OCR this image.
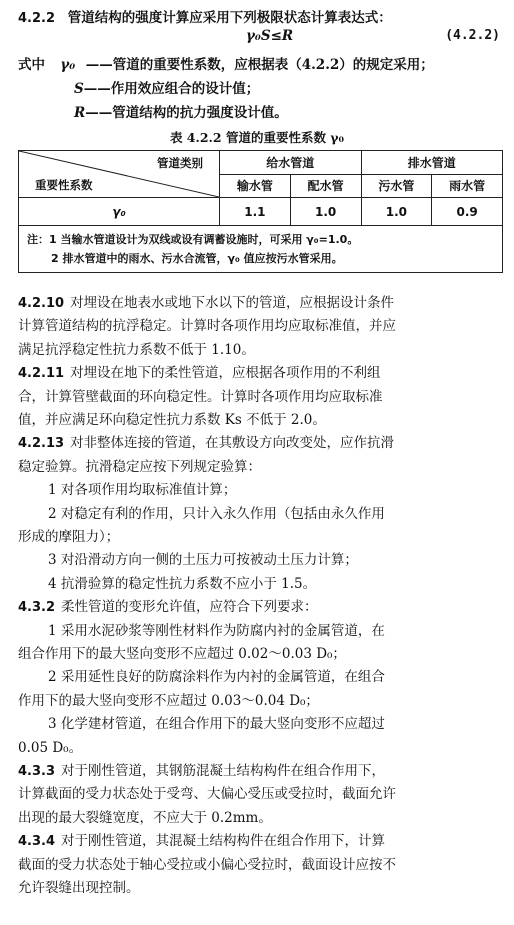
4.2.2 管道结构的强度计算应采用下列极限状态计算表达式：
γ₀S≤R	(4.2.2)
式中 γ₀ ——管道的重要性系数，应根据表（4.2.2）的规定采用；
S——作用效应组合的设计值；
R——管道结构的抗力强度设计值。
表 4.2.2 管道的重要性系数 γ₀
管道类别
重要性系数	给水管道		排水管道	
	输水管	配水管	污水管	雨水管
γ₀	1.1	1.0	1.0	0.9

注：1 当输水管道设计为双线或设有调蓄设施时，可采用 γ₀=1.0。
2 排水管道中的雨水、污水合流管，γ₀ 值应按污水管采用。				
4.2.10 对埋设在地表水或地下水以下的管道，应根据设计条件
计算管道结构的抗浮稳定。计算时各项作用均应取标准值，并应
满足抗浮稳定性抗力系数不低于 1.10。
4.2.11 对埋设在地下的柔性管道，应根据各项作用的不利组
合，计算管壁截面的环向稳定性。计算时各项作用均应取标准
值，并应满足环向稳定性抗力系数 Ks 不低于 2.0。
4.2.13 对非整体连接的管道，在其敷设方向改变处，应作抗滑
稳定验算。抗滑稳定应按下列规定验算：
1 对各项作用均取标准值计算；
2 对稳定有利的作用，只计入永久作用（包括由永久作用
形成的摩阻力）；
3 对沿滑动方向一侧的土压力可按被动土压力计算；
4 抗滑验算的稳定性抗力系数不应小于 1.5。
4.3.2 柔性管道的变形允许值，应符合下列要求：
1 采用水泥砂浆等刚性材料作为防腐内衬的金属管道，在
组合作用下的最大竖向变形不应超过 0.02～0.03 D₀；
2 采用延性良好的防腐涂料作为内衬的金属管道，在组合
作用下的最大竖向变形不应超过 0.03～0.04 D₀；
3 化学建材管道，在组合作用下的最大竖向变形不应超过
0.05 D₀。
4.3.3 对于刚性管道，其钢筋混凝土结构构件在组合作用下，
计算截面的受力状态处于受弯、大偏心受压或受拉时，截面允许
出现的最大裂缝宽度，不应大于 0.2mm。
4.3.4 对于刚性管道，其混凝土结构构件在组合作用下，计算
截面的受力状态处于轴心受拉或小偏心受拉时，截面设计应按不
允许裂缝出现控制。
